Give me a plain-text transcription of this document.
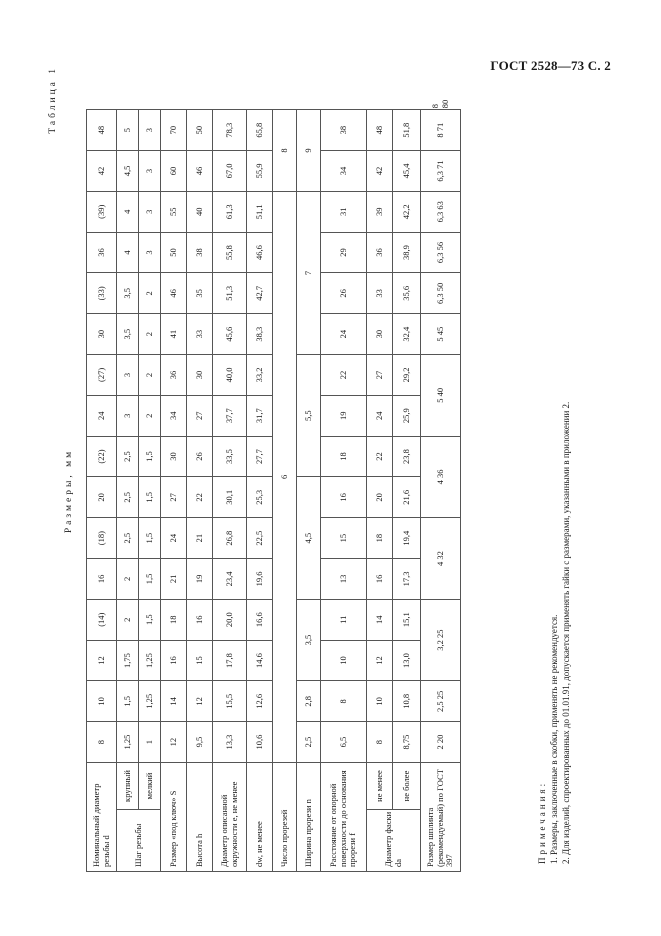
ГОСТ 2528—73 С. 2
Таблица 1
Размеры, мм
Номинальный диаметр резьбы d		8	10	12	(14)	16	(18)	20	(22)	24	(27)	30	(33)	36	(39)	42	48	
Шаг резьбы	крупный	1,25	1,5	1,75	2	2	2,5	2,5	2,5	3	3	3,5	3,5	4	4	4,5	5	
	мелкий	1	1,25	1,25	1,5	1,5	1,5	1,5	1,5	2	2	2	2	3	3	3	3	
Размер «под ключ» S		12	14	16	18	21	24	27	30	34	36	41	46	50	55	60	70	
Высота h		9,5	12	15	16	19	21	22	26	27	30	33	35	38	40	46	50	
Диаметр описанной окружности e, не менее		13,3	15,5	17,8	20,0	23,4	26,8	30,1	33,5	37,7	40,0	45,6	51,3	55,8	61,3	67,0	78,3	
dw, не менее		10,6	12,6	14,6	16,6	19,6	22,5	25,3	27,7	31,7	33,2	38,3	42,7	46,6	51,1	55,9	65,8	
Число прорезей		6														8		
Ширина прорези n		2,5	2,8	3,5		4,5			5,5			7				9		
Расстояние от опорной поверхности до основания прорези f		6,5	8	10	11	13	15	16	18	19	22	24	26	29	31	34	38	
Диаметр фаски da	не менее	8	10	12	14	16	18	20	22	24	27	30	33	36	39	42	48	
	не более	8,75	10,8	13,0	15,1	17,3	19,4	21,6	23,8	25,9	29,2	32,4	35,6	38,9	42,2	45,4	51,8	
Размер шплинта (рекомендуемый) по ГОСТ 397		2 20	2,5 25	3,2 25		4 32		4 36		5 40		5 45	6,3 50	6,3 56	6,3 63	6,3 71	8 71	8 80
Примечания: 1. Размеры, заключенные в скобки, применять не рекомендуется. 2. Для изделий, спроектированных до 01.01.91, допускается применять гайки с размерами, указанными в приложении 2.
